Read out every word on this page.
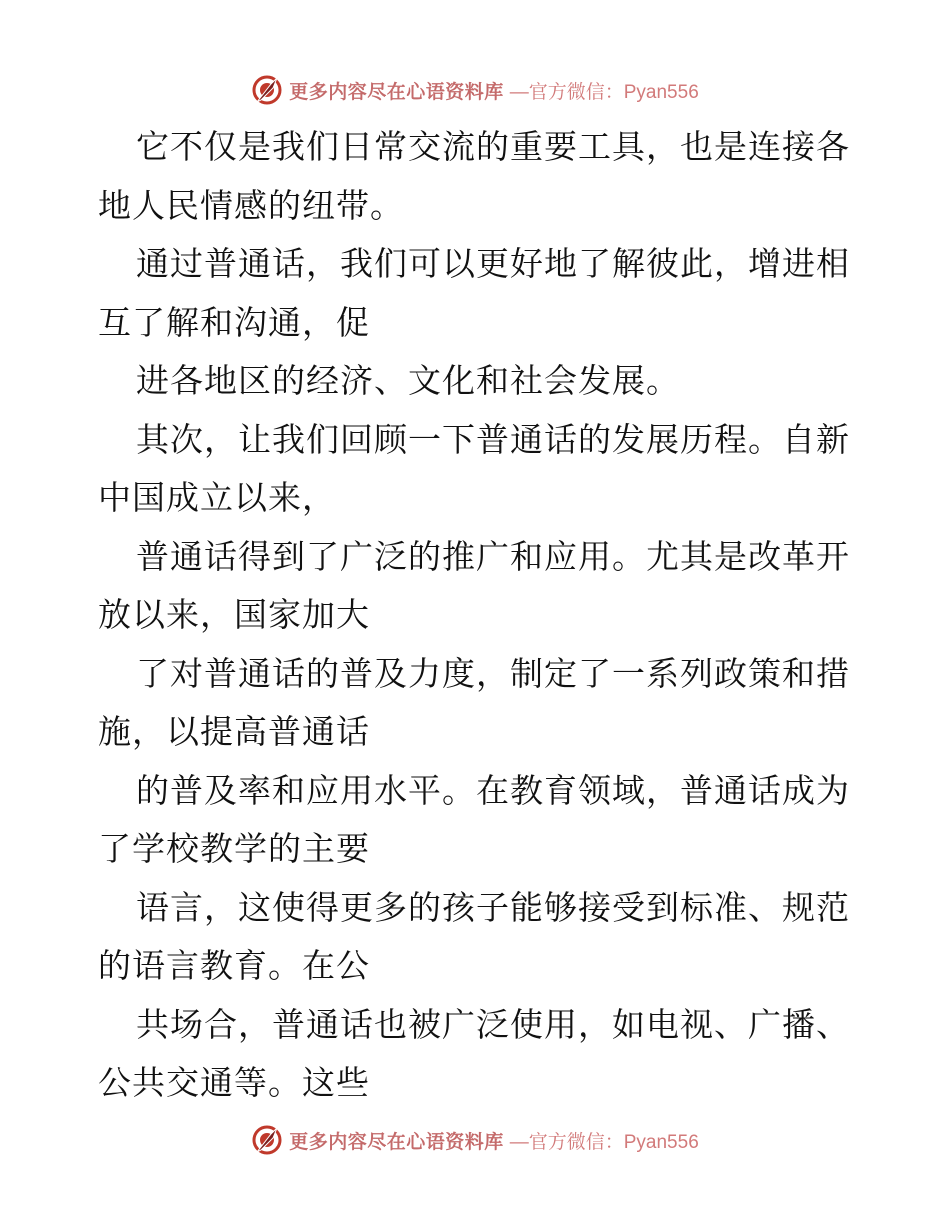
更多内容尽在心语资料库 —官方微信：Pyan556
它不仅是我们日常交流的重要工具，也是连接各
地人民情感的纽带。
通过普通话，我们可以更好地了解彼此，增进相
互了解和沟通，促
进各地区的经济、文化和社会发展。
其次，让我们回顾一下普通话的发展历程。自新
中国成立以来，
普通话得到了广泛的推广和应用。尤其是改革开
放以来，国家加大
了对普通话的普及力度，制定了一系列政策和措
施，以提高普通话
的普及率和应用水平。在教育领域，普通话成为
了学校教学的主要
语言，这使得更多的孩子能够接受到标准、规范
的语言教育。在公
共场合，普通话也被广泛使用，如电视、广播、
公共交通等。这些
更多内容尽在心语资料库 —官方微信：Pyan556
